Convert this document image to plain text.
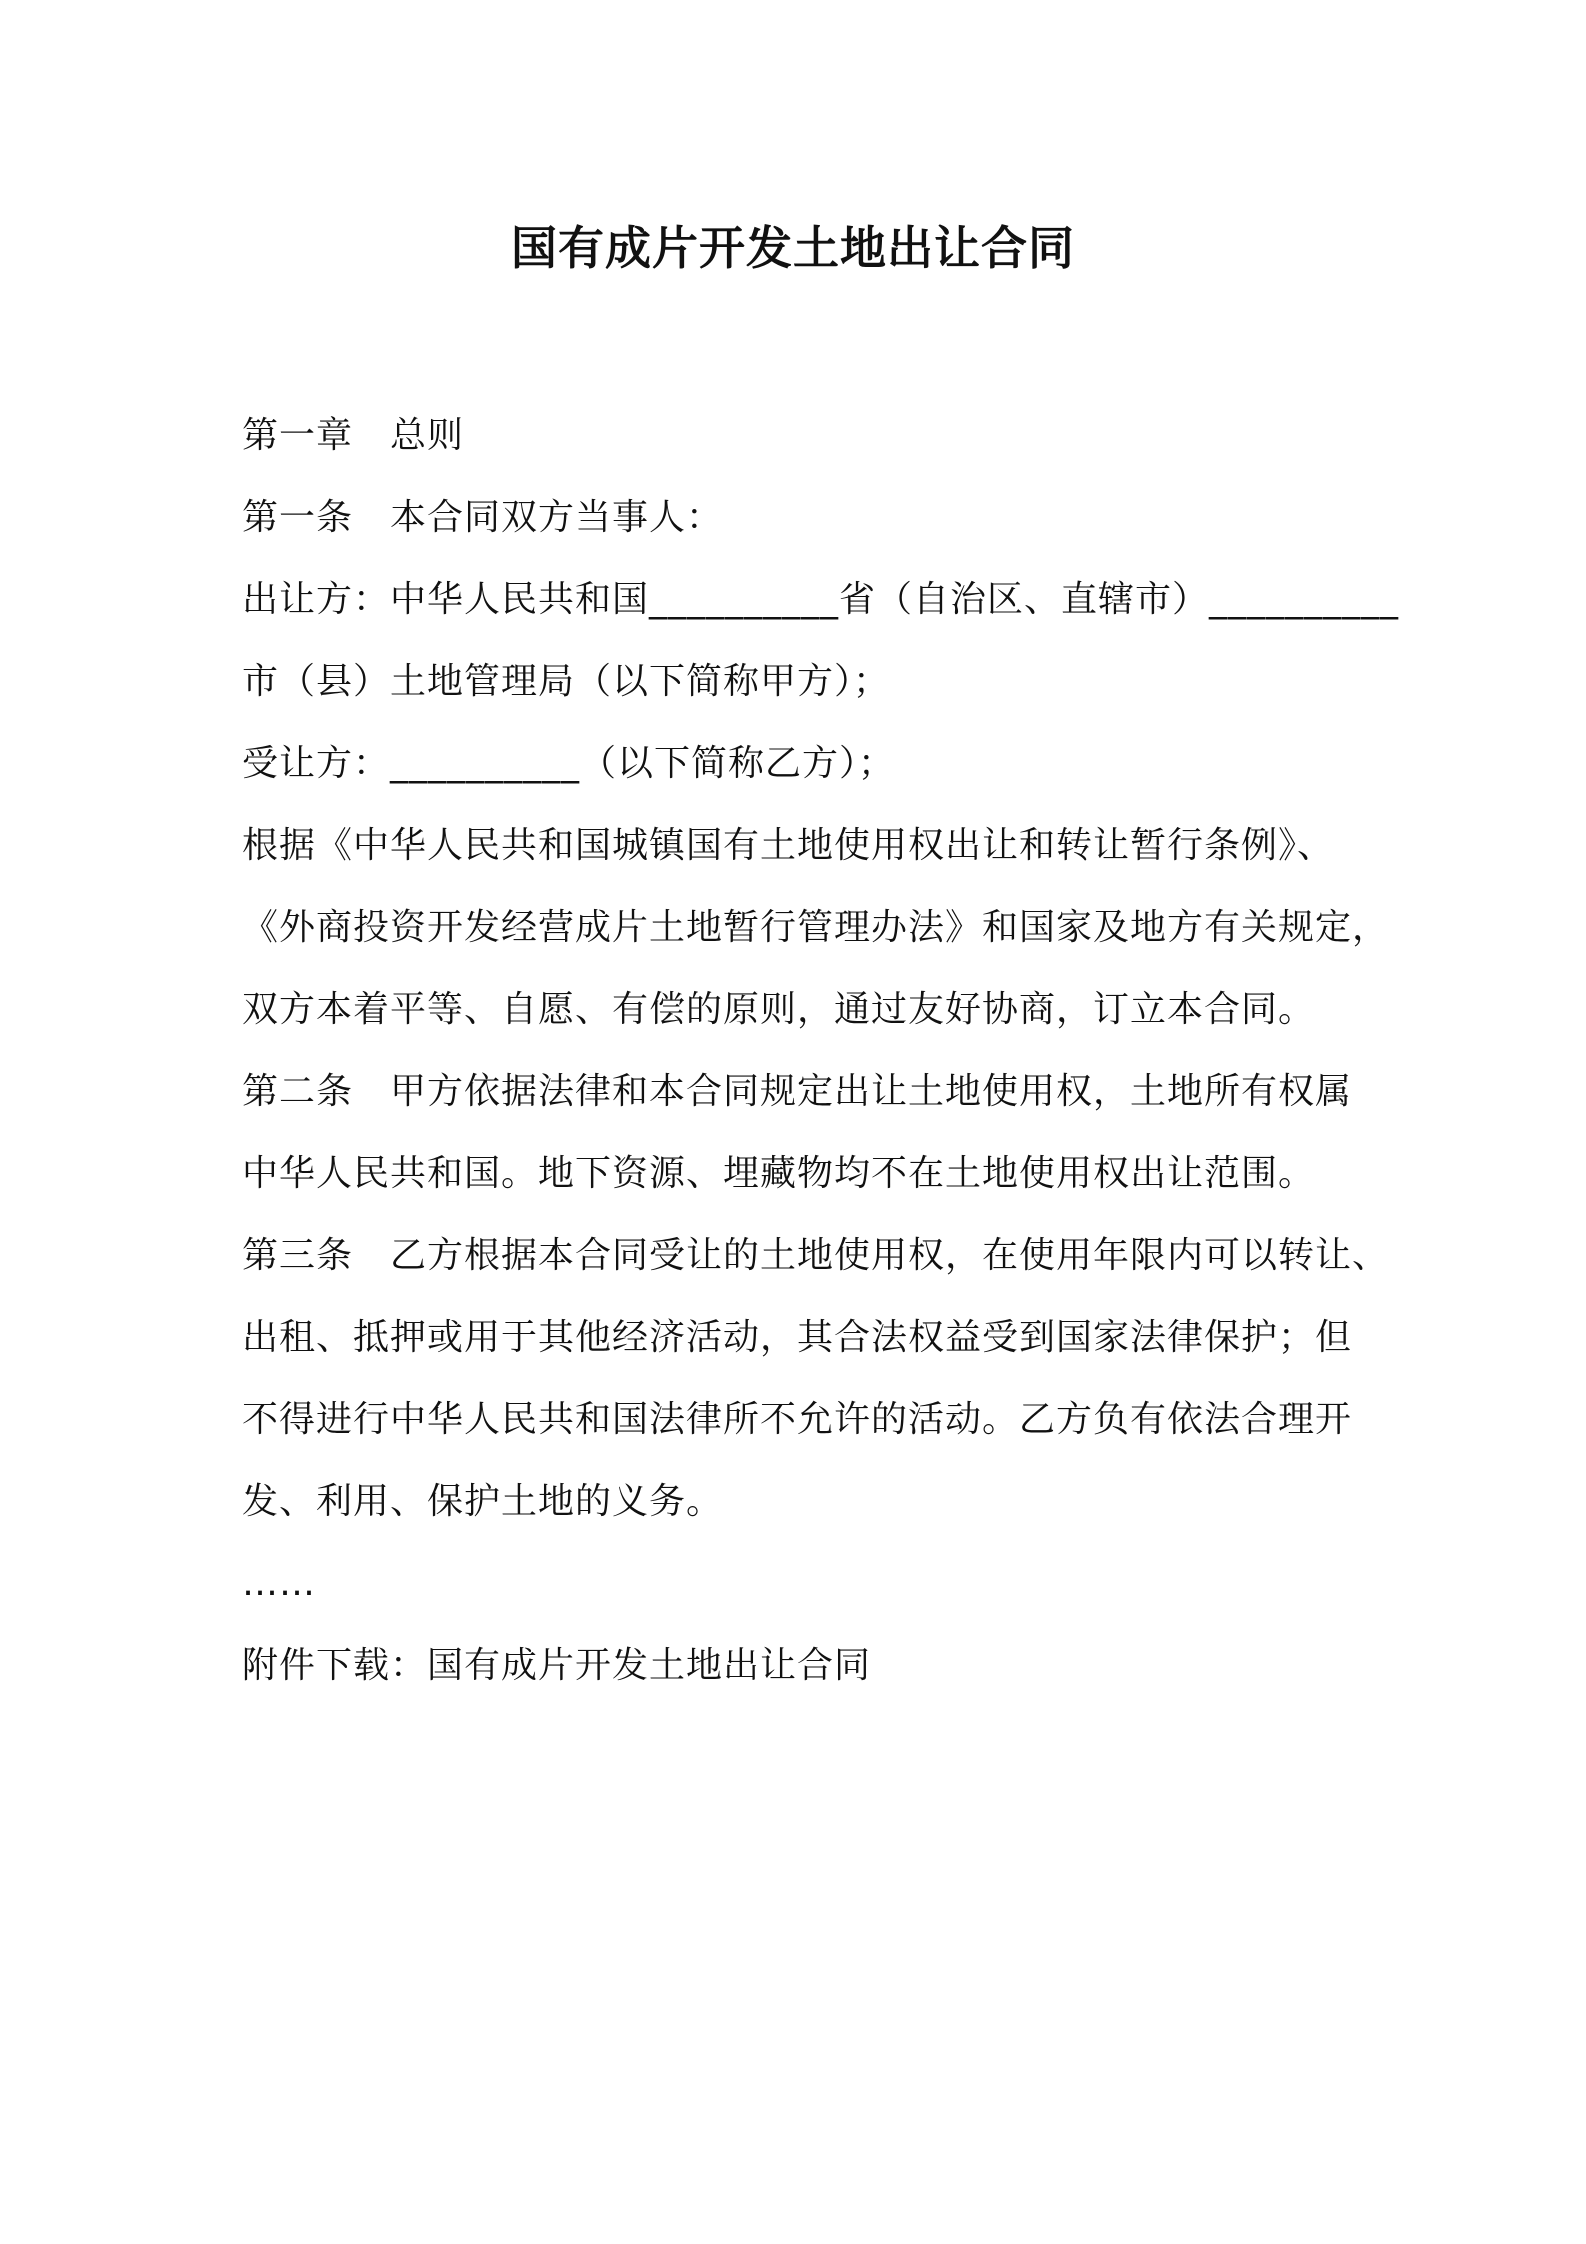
国有成片开发土地出让合同
第一章　总则
第一条　本合同双方当事人：
出让方：中华人民共和国__________省（自治区、直辖市）__________
市（县）土地管理局（以下简称甲方）；
受让方：__________（以下简称乙方）；
根据《中华人民共和国城镇国有土地使用权出让和转让暂行条例》、
《外商投资开发经营成片土地暂行管理办法》和国家及地方有关规定，
双方本着平等、自愿、有偿的原则，通过友好协商，订立本合同。
第二条　甲方依据法律和本合同规定出让土地使用权，土地所有权属
中华人民共和国。地下资源、埋藏物均不在土地使用权出让范围。
第三条　乙方根据本合同受让的土地使用权，在使用年限内可以转让、
出租、抵押或用于其他经济活动，其合法权益受到国家法律保护；但
不得进行中华人民共和国法律所不允许的活动。乙方负有依法合理开
发、利用、保护土地的义务。
……
附件下载：国有成片开发土地出让合同
